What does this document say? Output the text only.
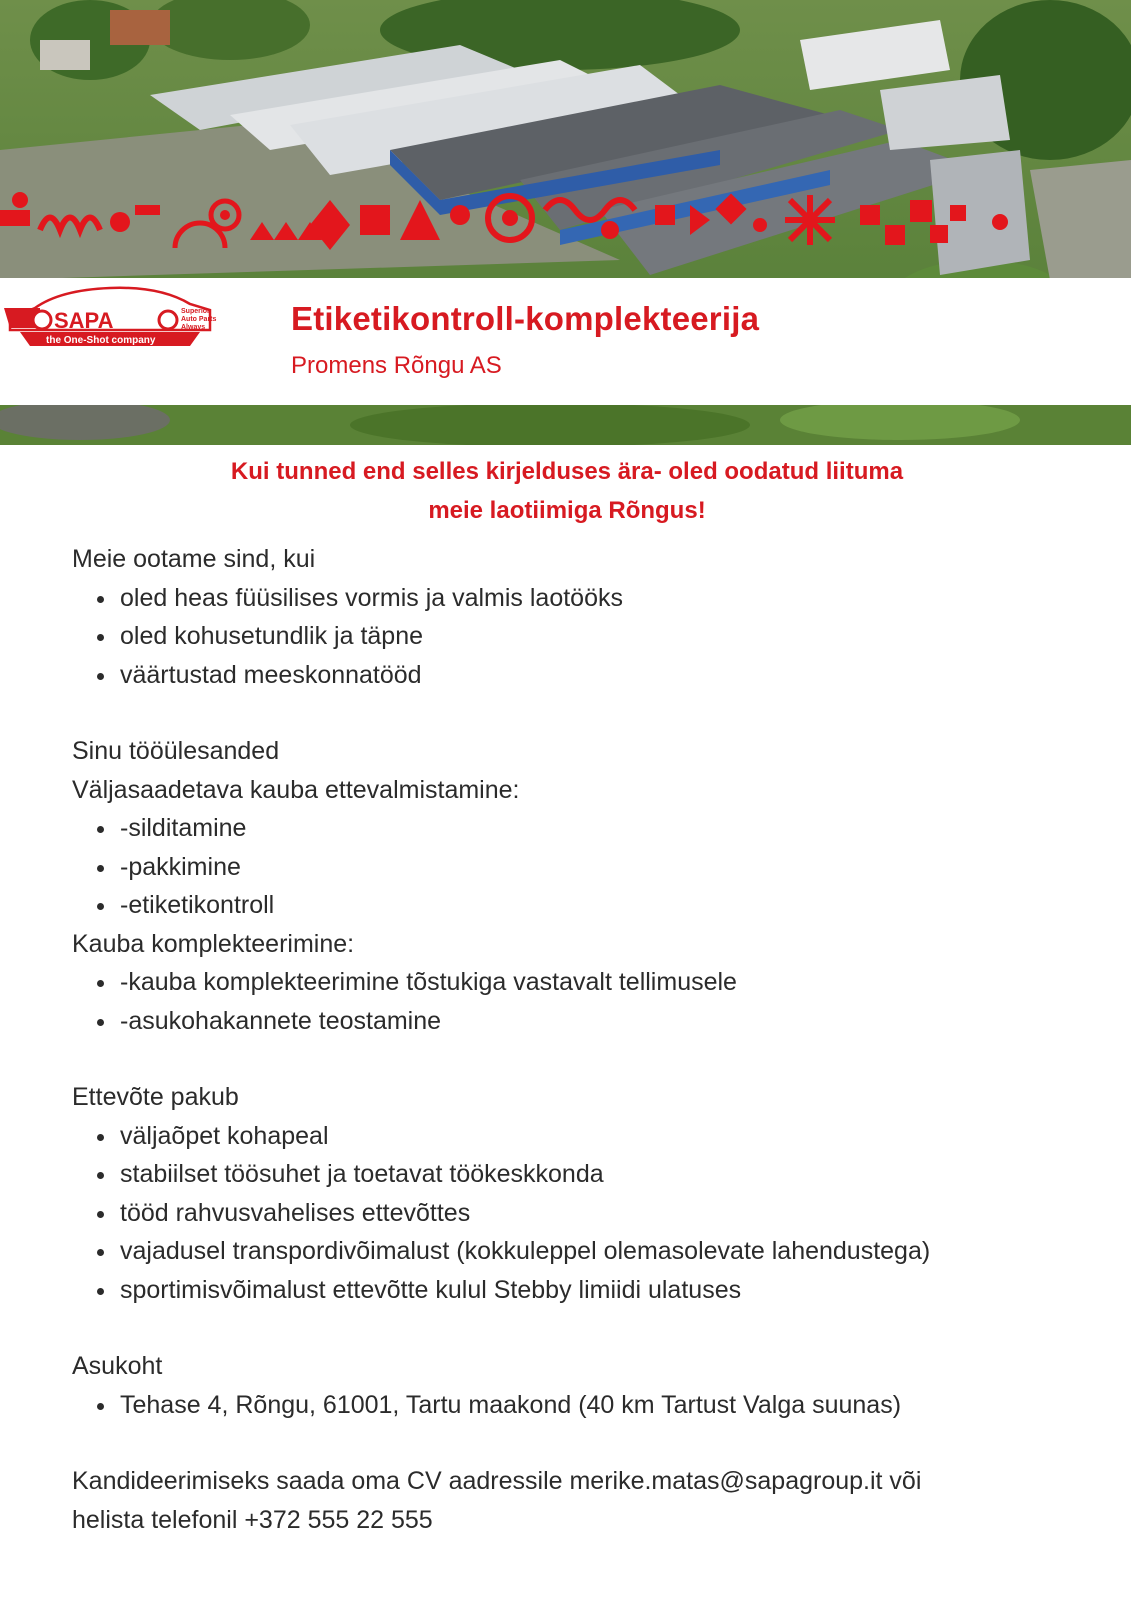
SAPA	Superior
Auto Parts
Always
the One-Shot company
Etiketikontroll-komplekteerija
Promens Rõngu AS

Kui tunned end selles kirjelduses ära- oled oodatud liituma
meie laotiimiga Rõngus!

Meie ootame sind, kui

oled heas füüsilises vormis ja valmis laotööks
oled kohusetundlik ja täpne
väärtustad meeskonnatööd

Sinu tööülesanded

Väljasaadetava kauba ettevalmistamine:

-silditamine
-pakkimine
-etiketikontroll

Kauba komplekteerimine:

-kauba komplekteerimine tõstukiga vastavalt tellimusele
-asukohakannete teostamine

Ettevõte pakub

väljaõpet kohapeal
stabiilset töösuhet ja toetavat töökeskkonda
tööd rahvusvahelises ettevõttes
vajadusel transpordivõimalust (kokkuleppel olemasolevate lahendustega)
sportimisvõimalust ettevõtte kulul Stebby limiidi ulatuses

Asukoht

Tehase 4, Rõngu, 61001, Tartu maakond (40 km Tartust Valga suunas)

Kandideerimiseks saada oma CV aadressile merike.matas@sapagroup.it või
helista telefonil +372 555 22 555
